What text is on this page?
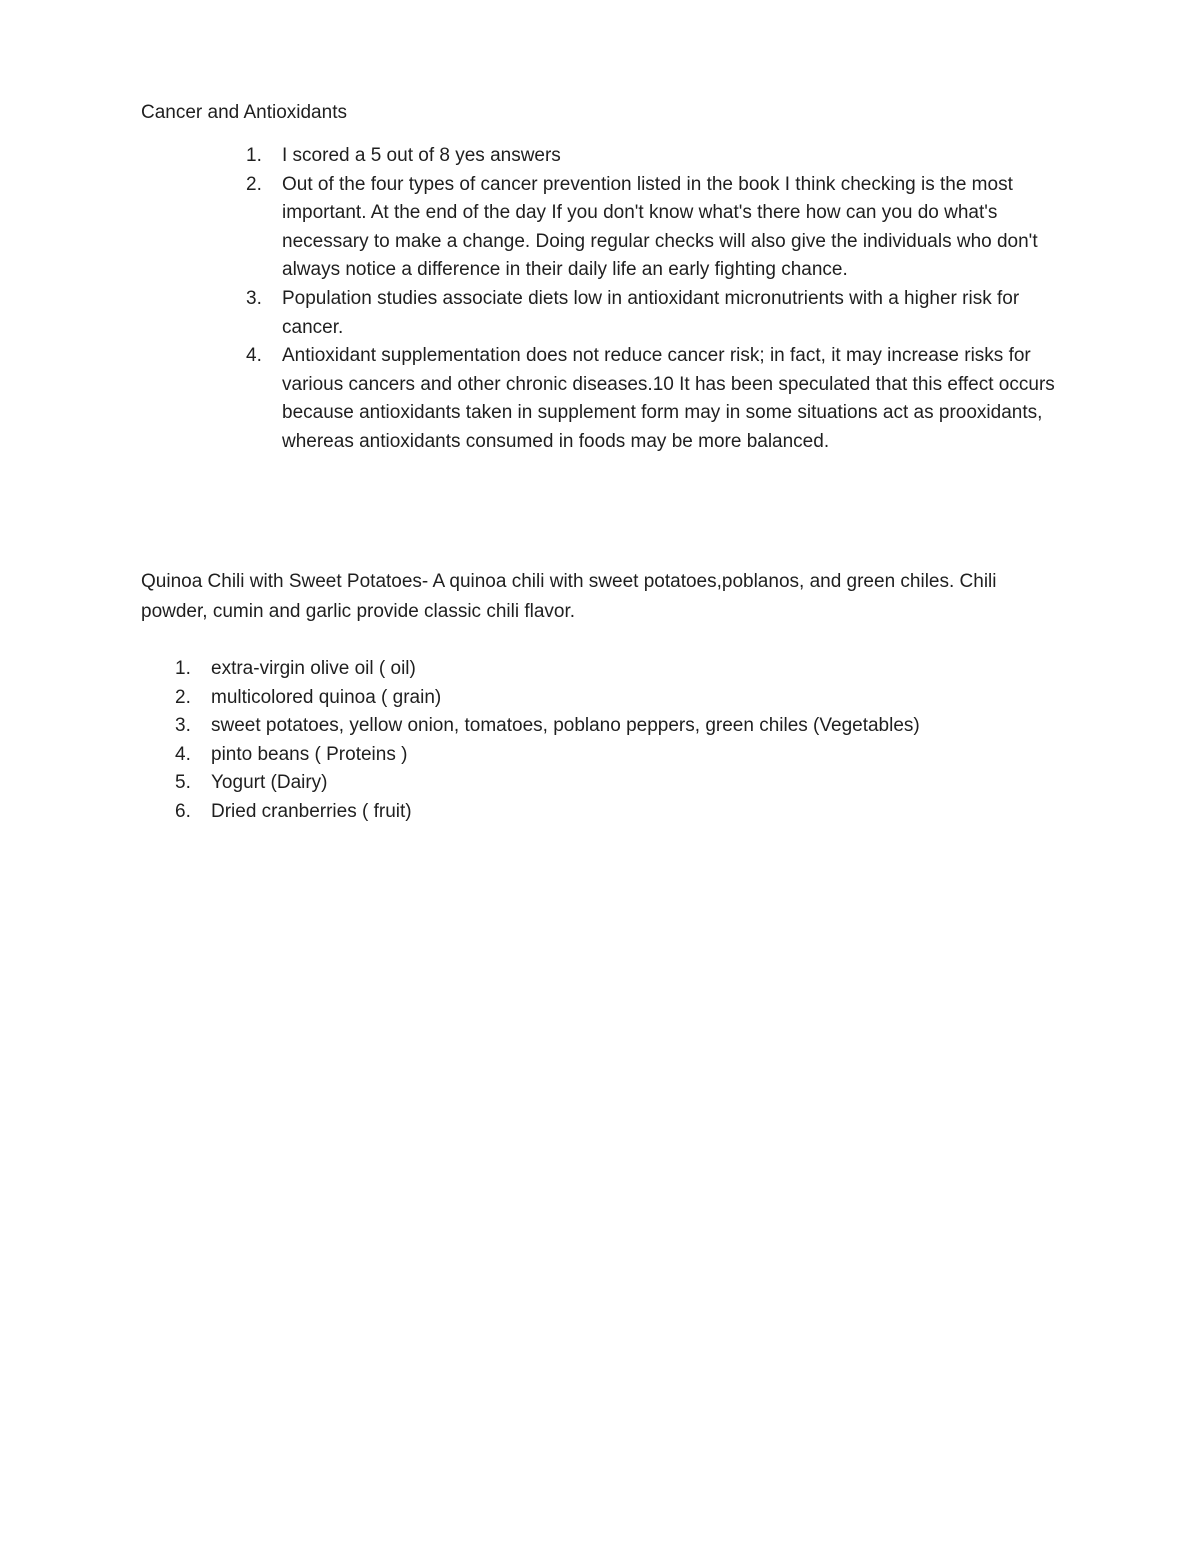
Cancer and Antioxidants
1. I scored a 5 out of 8 yes answers
2. Out of the four types of cancer prevention listed in the book I think checking is the most important. At the end of the day If you don't know what's there how can you do what's necessary to make a change. Doing regular checks will also give the individuals who don't always notice a difference in their daily life an early fighting chance.
3. Population studies associate diets low in antioxidant micronutrients with a higher risk for cancer.
4. Antioxidant supplementation does not reduce cancer risk; in fact, it may increase risks for various cancers and other chronic diseases.10 It has been speculated that this effect occurs because antioxidants taken in supplement form may in some situations act as prooxidants, whereas antioxidants consumed in foods may be more balanced.
Quinoa Chili with Sweet Potatoes- A quinoa chili with sweet potatoes,poblanos, and green chiles. Chili powder, cumin and garlic provide classic chili flavor.
1. extra-virgin olive oil ( oil)
2. multicolored quinoa ( grain)
3. sweet potatoes, yellow onion, tomatoes, poblano peppers, green chiles (Vegetables)
4. pinto beans ( Proteins )
5. Yogurt (Dairy)
6. Dried cranberries ( fruit)
